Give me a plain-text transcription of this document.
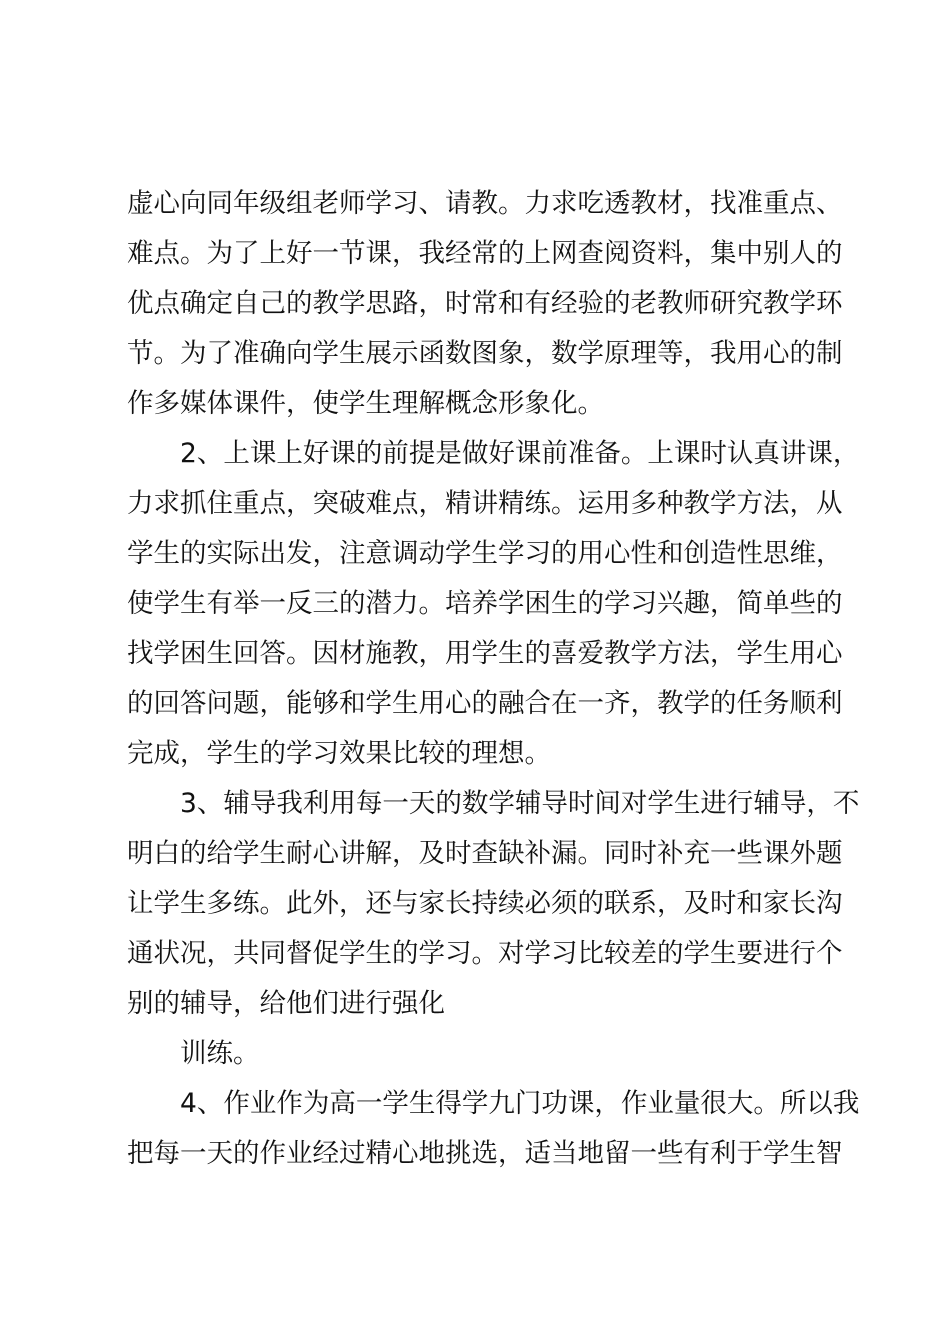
虚心向同年级组老师学习、请教。力求吃透教材，找准重点、
难点。为了上好一节课，我经常的上网查阅资料，集中别人的
优点确定自己的教学思路，时常和有经验的老教师研究教学环
节。为了准确向学生展示函数图象，数学原理等，我用心的制
作多媒体课件，使学生理解概念形象化。
2、上课上好课的前提是做好课前准备。上课时认真讲课，
力求抓住重点，突破难点，精讲精练。运用多种教学方法，从
学生的实际出发，注意调动学生学习的用心性和创造性思维，
使学生有举一反三的潜力。培养学困生的学习兴趣，简单些的
找学困生回答。因材施教，用学生的喜爱教学方法，学生用心
的回答问题，能够和学生用心的融合在一齐，教学的任务顺利
完成，学生的学习效果比较的理想。
3、辅导我利用每一天的数学辅导时间对学生进行辅导，不
明白的给学生耐心讲解，及时查缺补漏。同时补充一些课外题
让学生多练。此外，还与家长持续必须的联系，及时和家长沟
通状况，共同督促学生的学习。对学习比较差的学生要进行个
别的辅导，给他们进行强化
训练。
4、作业作为高一学生得学九门功课，作业量很大。所以我
把每一天的作业经过精心地挑选，适当地留一些有利于学生智
